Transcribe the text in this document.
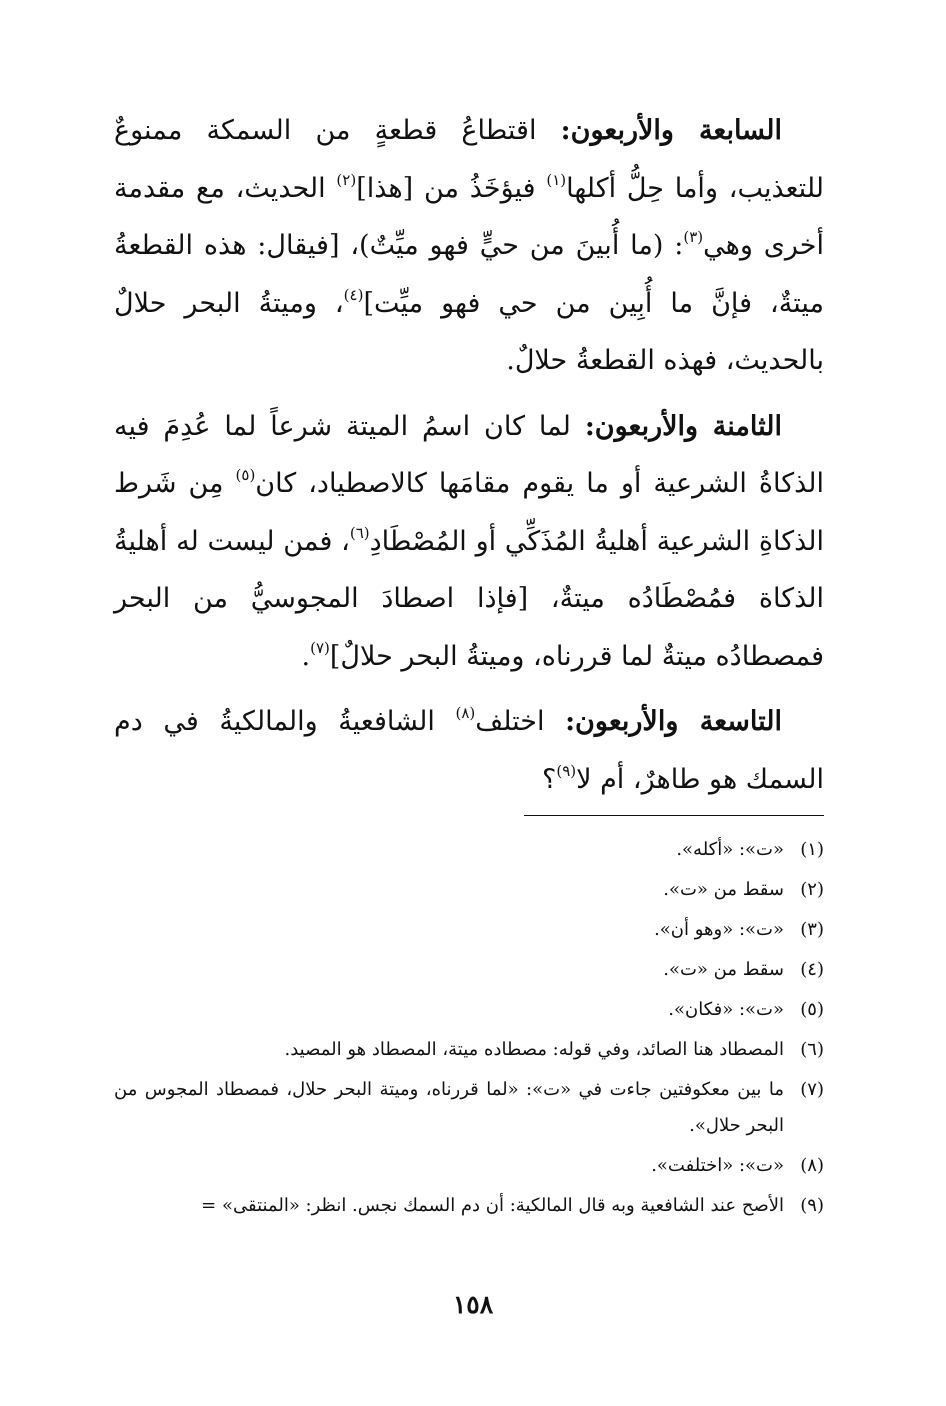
السابعة والأربعون: اقتطاعُ قطعةٍ من السمكة ممنوعٌ للتعذيب، وأما حِلُّ أكلها$^{(١)}$ فيؤخَذُ من [هذا]$^{(٢)}$ الحديث، مع مقدمة أخرى وهي$^{(٣)}$: (ما أُبينَ من حيٍّ فهو ميِّتٌ)، [فيقال: هذه القطعةُ ميتةٌ، فإنَّ ما أُبِين من حي فهو ميِّت]$^{(٤)}$، وميتةُ البحر حلالٌ بالحديث، فهذه القطعةُ حلالٌ.

الثامنة والأربعون: لما كان اسمُ الميتة شرعاً لما عُدِمَ فيه الذكاةُ الشرعية أو ما يقوم مقامَها كالاصطياد، كان$^{(٥)}$ مِن شَرط الذكاةِ الشرعية أهليةُ المُذَكِّي أو المُصْطَادِ$^{(٦)}$، فمن ليست له أهليةُ الذكاة فمُصْطَادُه ميتةٌ، [فإذا اصطادَ المجوسيُّ من البحر فمصطادُه ميتةٌ لما قررناه، وميتةُ البحر حلالٌ]$^{(٧)}$.

التاسعة والأربعون: اختلف$^{(٨)}$ الشافعيةُ والمالكيةُ في دم السمك هو طاهرٌ، أم لا$^{(٩)}$؟

(١)
«ت»: «أكله».
(٢)
سقط من «ت».
(٣)
«ت»: «وهو أن».
(٤)
سقط من «ت».
(٥)
«ت»: «فكان».
(٦)
المصطاد هنا الصائد، وفي قوله: مصطاده ميتة، المصطاد هو المصيد.
(٧)
ما بين معكوفتين جاءت في «ت»: «لما قررناه، وميتة البحر حلال، فمصطاد المجوس من البحر حلال».
(٨)
«ت»: «اختلفت».
(٩)
الأصح عند الشافعية وبه قال المالكية: أن دم السمك نجس. انظر: «المنتقى» =
١٥٨
